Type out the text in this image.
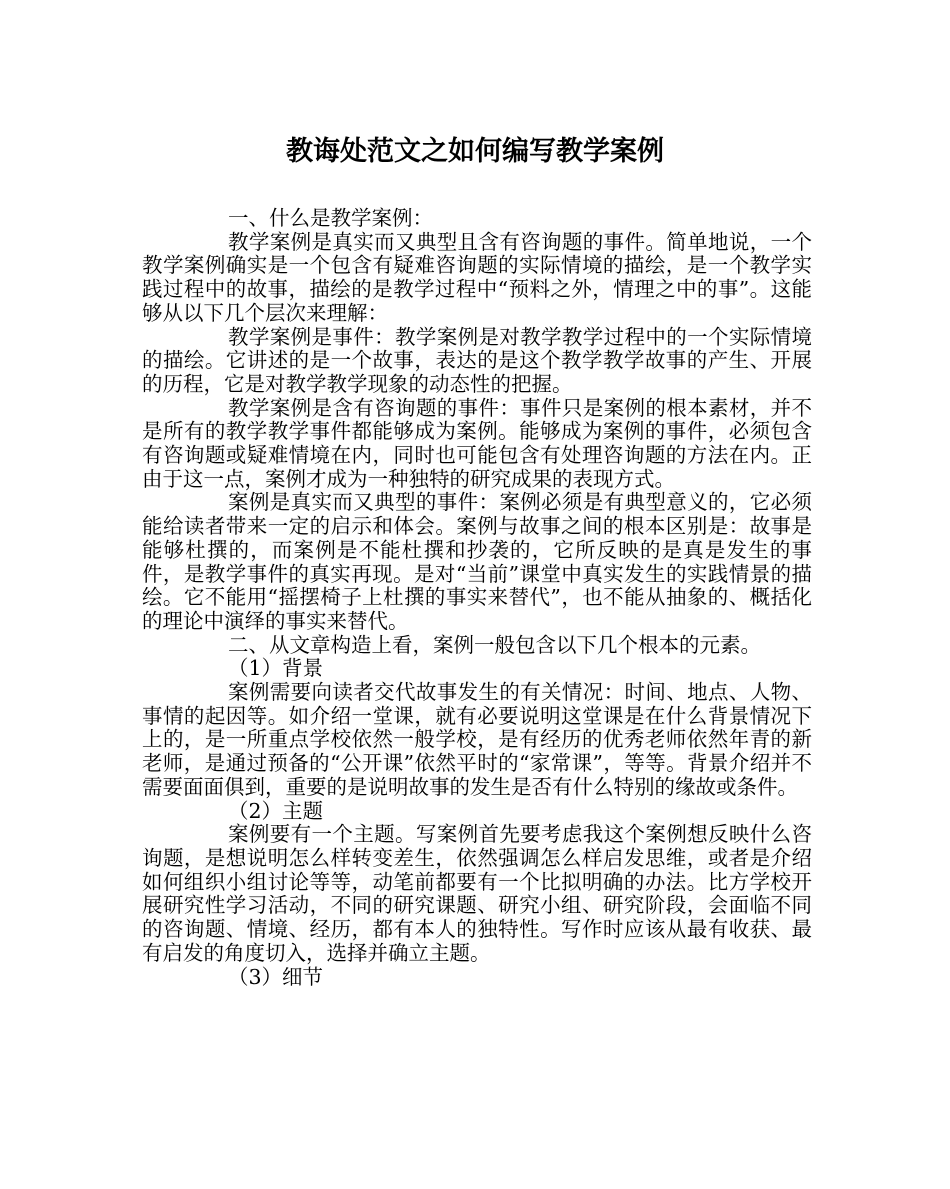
教诲处范文之如何编写教学案例

一、什么是教学案例：

教学案例是真实而又典型且含有咨询题的事件。简单地说，一个教学案例确实是一个包含有疑难咨询题的实际情境的描绘，是一个教学实践过程中的故事，描绘的是教学过程中“预料之外，情理之中的事”。这能够从以下几个层次来理解：

教学案例是事件：教学案例是对教学教学过程中的一个实际情境的描绘。它讲述的是一个故事，表达的是这个教学教学故事的产生、开展的历程，它是对教学教学现象的动态性的把握。

教学案例是含有咨询题的事件：事件只是案例的根本素材，并不是所有的教学教学事件都能够成为案例。能够成为案例的事件，必须包含有咨询题或疑难情境在内，同时也可能包含有处理咨询题的方法在内。正由于这一点，案例才成为一种独特的研究成果的表现方式。

案例是真实而又典型的事件：案例必须是有典型意义的，它必须能给读者带来一定的启示和体会。案例与故事之间的根本区别是：故事是能够杜撰的，而案例是不能杜撰和抄袭的，它所反映的是真是发生的事件，是教学事件的真实再现。是对“当前”课堂中真实发生的实践情景的描绘。它不能用“摇摆椅子上杜撰的事实来替代”，也不能从抽象的、概括化的理论中演绎的事实来替代。

二、从文章构造上看，案例一般包含以下几个根本的元素。

（1）背景

案例需要向读者交代故事发生的有关情况：时间、地点、人物、事情的起因等。如介绍一堂课，就有必要说明这堂课是在什么背景情况下上的，是一所重点学校依然一般学校，是有经历的优秀老师依然年青的新老师，是通过预备的“公开课”依然平时的“家常课”，等等。背景介绍并不需要面面俱到，重要的是说明故事的发生是否有什么特别的缘故或条件。

（2）主题

案例要有一个主题。写案例首先要考虑我这个案例想反映什么咨询题，是想说明怎么样转变差生，依然强调怎么样启发思维，或者是介绍如何组织小组讨论等等，动笔前都要有一个比拟明确的办法。比方学校开展研究性学习活动，不同的研究课题、研究小组、研究阶段，会面临不同的咨询题、情境、经历，都有本人的独特性。写作时应该从最有收获、最有启发的角度切入，选择并确立主题。

（3）细节
